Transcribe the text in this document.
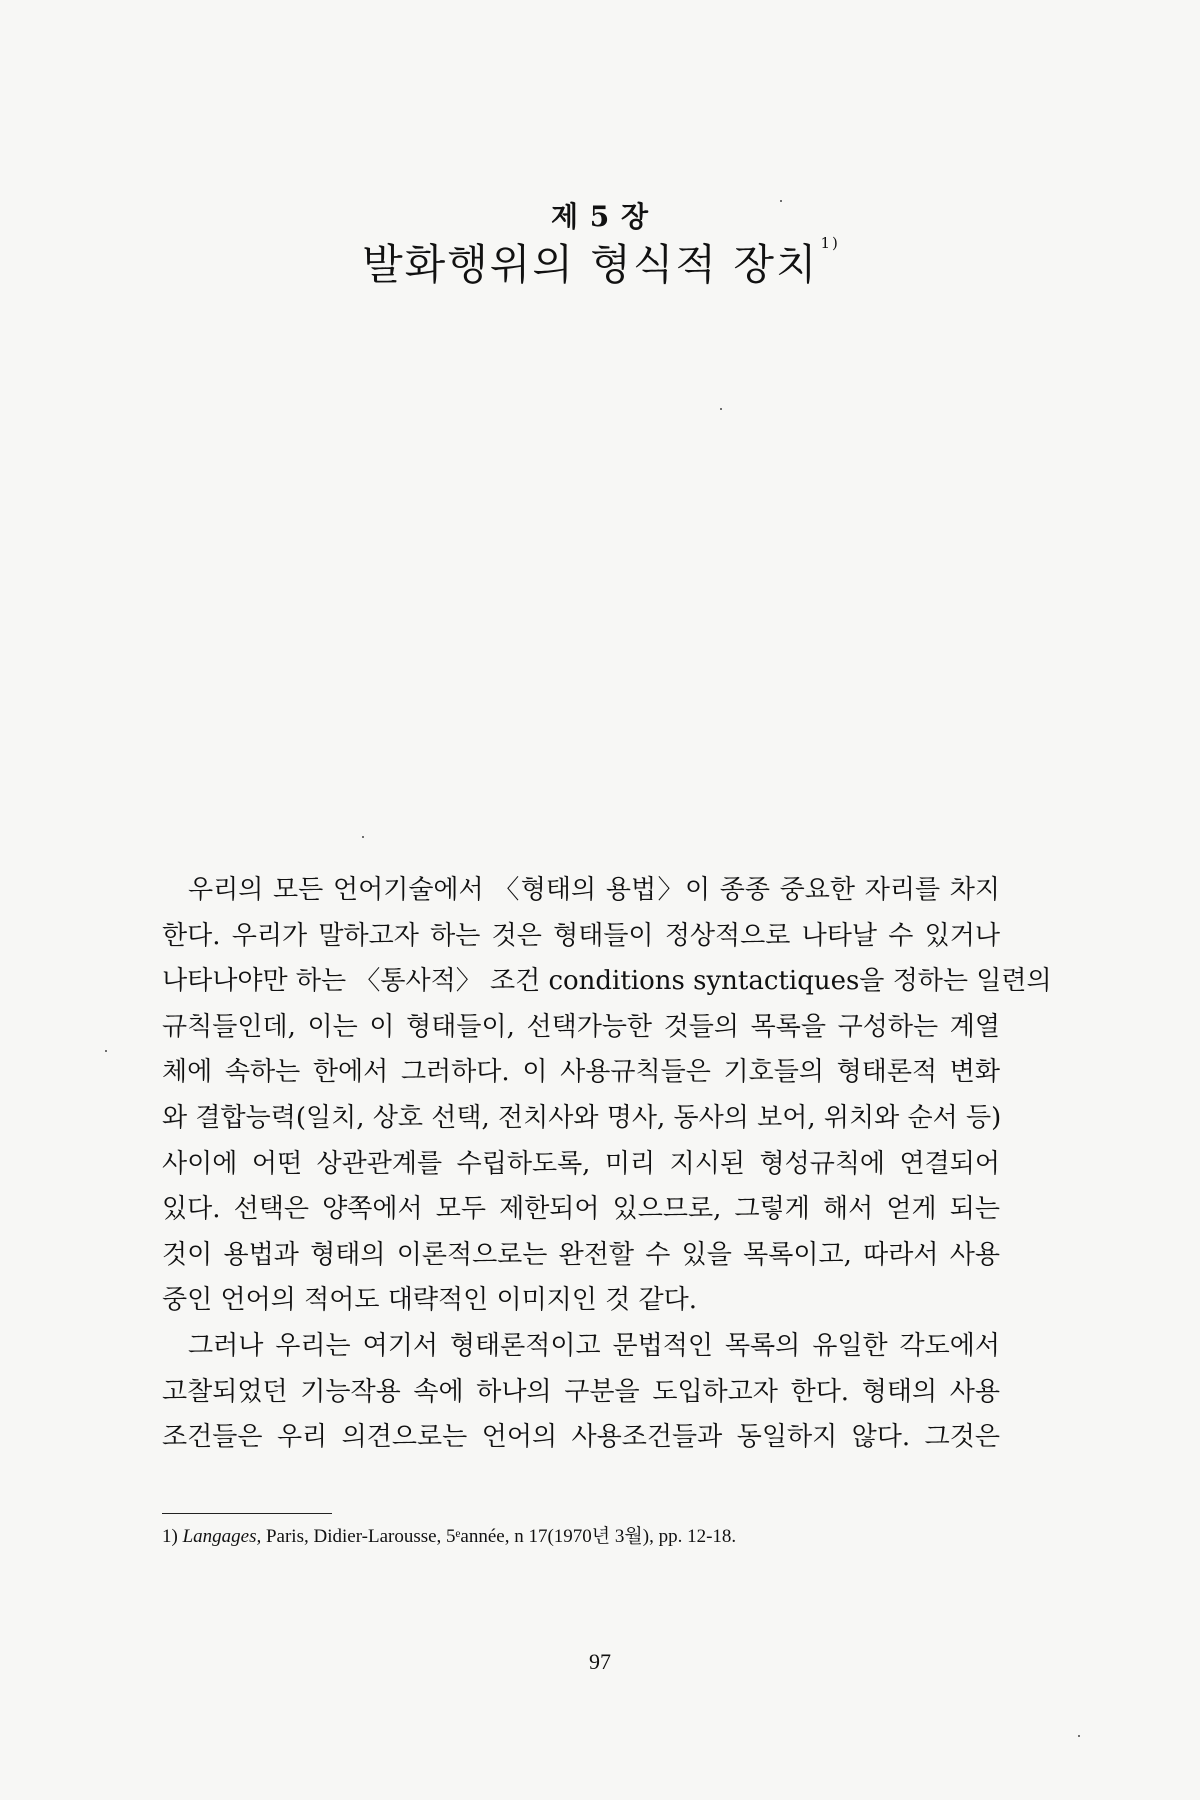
제 5 장
발화행위의 형식적 장치 $^{1)}$
우리의 모든 언어기술에서 〈형태의 용법〉이 종종 중요한 자리를 차지
한다. 우리가 말하고자 하는 것은 형태들이 정상적으로 나타날 수 있거나
나타나야만 하는 〈통사적〉 조건 conditions syntactiques을 정하는 일련의
규칙들인데, 이는 이 형태들이, 선택가능한 것들의 목록을 구성하는 계열
체에 속하는 한에서 그러하다. 이 사용규칙들은 기호들의 형태론적 변화
와 결합능력(일치, 상호 선택, 전치사와 명사, 동사의 보어, 위치와 순서 등)
사이에 어떤 상관관계를 수립하도록, 미리 지시된 형성규칙에 연결되어
있다. 선택은 양쪽에서 모두 제한되어 있으므로, 그렇게 해서 얻게 되는
것이 용법과 형태의 이론적으로는 완전할 수 있을 목록이고, 따라서 사용
중인 언어의 적어도 대략적인 이미지인 것 같다.
그러나 우리는 여기서 형태론적이고 문법적인 목록의 유일한 각도에서
고찰되었던 기능작용 속에 하나의 구분을 도입하고자 한다. 형태의 사용
조건들은 우리 의견으로는 언어의 사용조건들과 동일하지 않다. 그것은
1) Langages, Paris, Didier-Larousse, 5ᵉannée, n 17(1970년 3월), pp. 12-18.
97
